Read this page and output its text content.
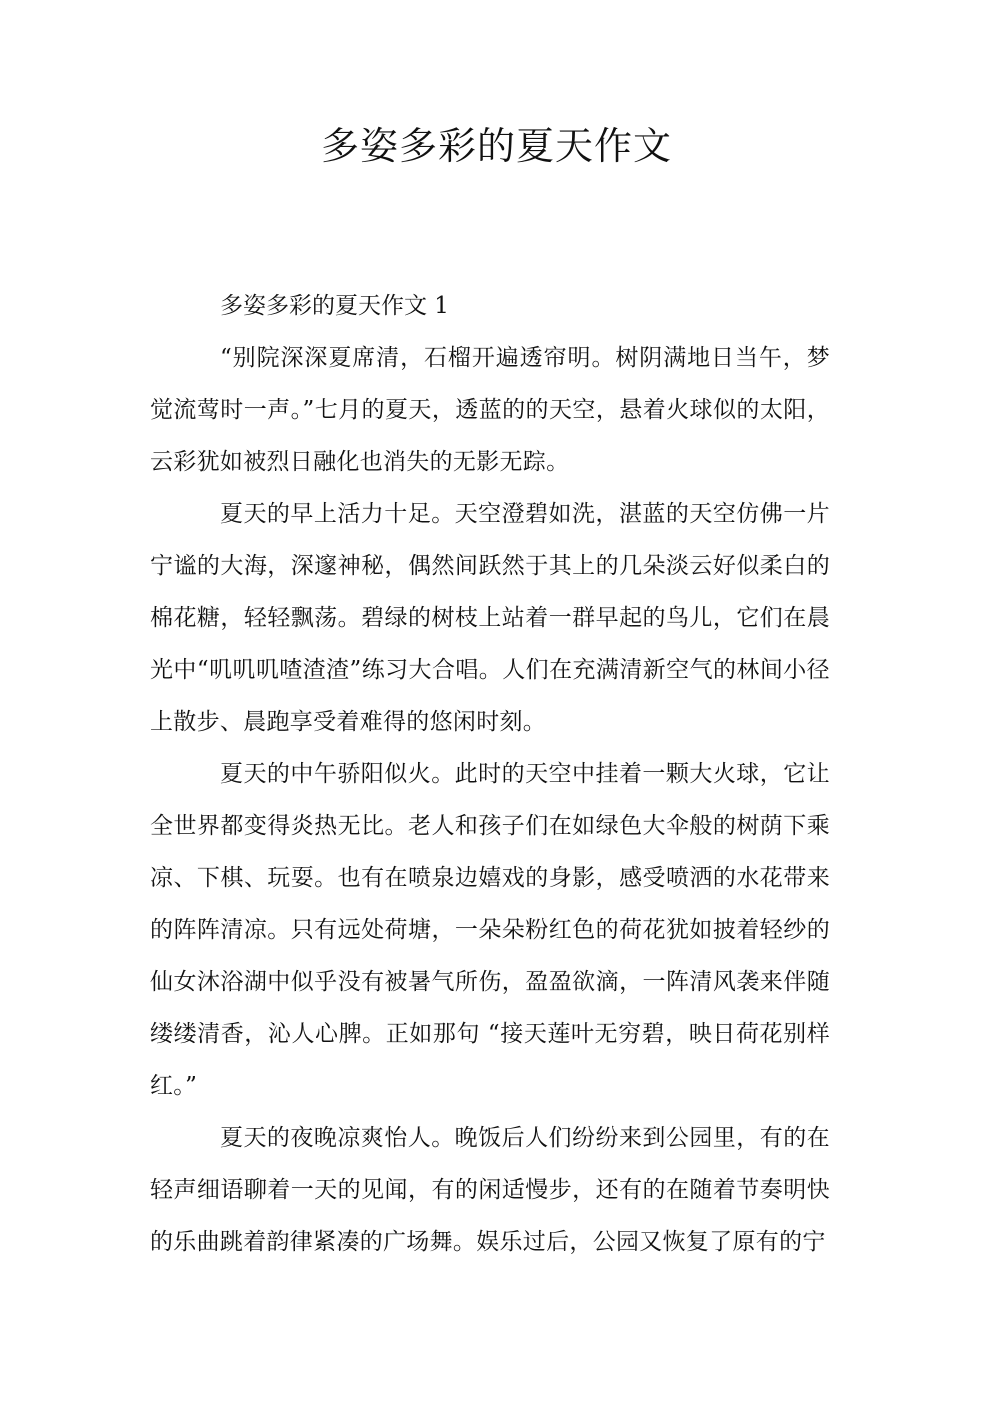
多姿多彩的夏天作文

多姿多彩的夏天作文 1

“别院深深夏席清，石榴开遍透帘明。树阴满地日当午，梦觉流莺时一声。”七月的夏天，透蓝的的天空，悬着火球似的太阳，云彩犹如被烈日融化也消失的无影无踪。

夏天的早上活力十足。天空澄碧如洗，湛蓝的天空仿佛一片宁谧的大海，深邃神秘，偶然间跃然于其上的几朵淡云好似柔白的棉花糖，轻轻飘荡。碧绿的树枝上站着一群早起的鸟儿，它们在晨光中“叽叽叽喳渣渣”练习大合唱。人们在充满清新空气的林间小径上散步、晨跑享受着难得的悠闲时刻。

夏天的中午骄阳似火。此时的天空中挂着一颗大火球，它让全世界都变得炎热无比。老人和孩子们在如绿色大伞般的树荫下乘凉、下棋、玩耍。也有在喷泉边嬉戏的身影，感受喷洒的水花带来的阵阵清凉。只有远处荷塘，一朵朵粉红色的荷花犹如披着轻纱的仙女沐浴湖中似乎没有被暑气所伤，盈盈欲滴，一阵清风袭来伴随缕缕清香，沁人心脾。正如那句 “接天莲叶无穷碧，映日荷花别样红。”

夏天的夜晚凉爽怡人。晚饭后人们纷纷来到公园里，有的在轻声细语聊着一天的见闻，有的闲适慢步，还有的在随着节奏明快的乐曲跳着韵律紧凑的广场舞。娱乐过后，公园又恢复了原有的宁
